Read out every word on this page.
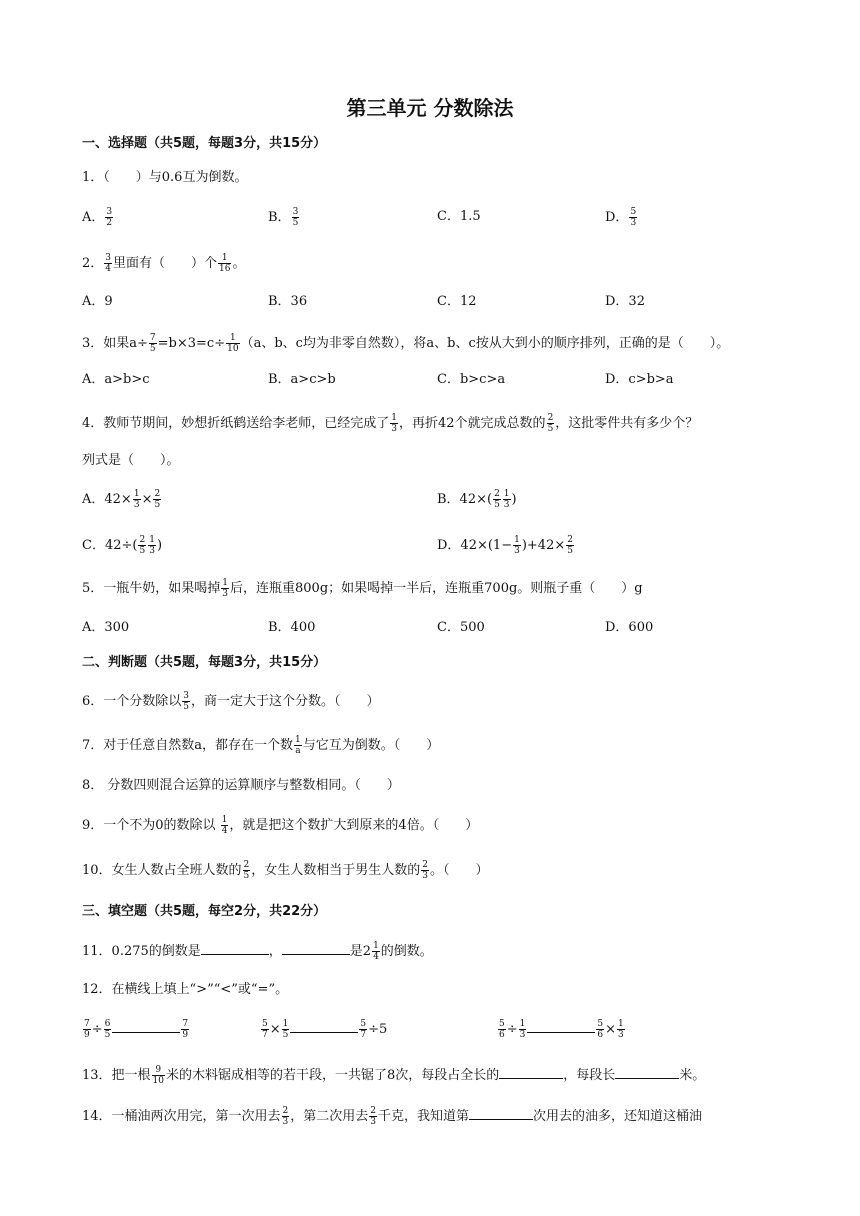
第三单元 分数除法
一、选择题（共5题，每题3分，共15分）
1．（　　）与0.6互为倒数。
A． $\frac{3}{2}$	B． $\frac{3}{5}$	C．1.5	D． $\frac{5}{3}$
2． $\frac{3}{4}$ 里面有（　　）个 $\frac{1}{16}$ 。
A．9	B．36	C．12	D．32
3．如果$a\div \frac{7}{5} =b\times 3=c\div \frac{1}{10} (a$、b、c均为非零自然数），将a、b、c按从大到小的顺序排列，正确的是（　　）。
A．a>b>c	B．a>c>b	C．b>c>a	D．c>b>a
4．教师节期间，妙想折纸鹤送给李老师，已经完成了 $\frac{1}{3}$ ，再折42个就完成总数的 $\frac{2}{5}$ ，这批零件共有多少个？
列式是（　　）。
A．$42\times \frac{1}{3} \times \frac{2}{5}$	B．$42\times( \frac{2}{5} \frac{1}{3}$ )
C．$42\div( \frac{2}{5} \frac{1}{3}$ )	D．$42\times(1- \frac{1}{3} )+42\times \frac{2}{5}$
5．一瓶牛奶，如果喝掉 $\frac{1}{3}$ 后，连瓶重800g；如果喝掉一半后，连瓶重700g。则瓶子重（　　）g
A．300	B．400	C．500	D．600
二、判断题（共5题，每题3分，共15分）
6．一个分数除以 $\frac{3}{5}$ ，商一定大于这个分数。（　　）
7．对于任意自然数a，都存在一个数 $\frac{1}{a}$ 与它互为倒数。（　　）
8． 分数四则混合运算的运算顺序与整数相同。（　　）
9．一个不为0的数除以 $\frac{1}{4}$ ，就是把这个数扩大到原来的4倍。（　　）
10．女生人数占全班人数的 $\frac{2}{5}$ ，女生人数相当于男生人数的 $\frac{2}{3}$ 。（　　）
三、填空题（共5题，每空2分，共22分）
11．0.275的倒数是	，	是$2 \frac{1}{4}$ 的倒数。
12．在横线上填上“>”“<”或“=”。
$\frac{7}{9} \div \frac{6}{5}$	$\frac{7}{9}$	$\frac{5}{7} \times \frac{1}{5}$	$\frac{5}{7} \div 5$	$\frac{5}{6} \div \frac{1}{3}$	$\frac{5}{6} \times \frac{1}{3}$
13．把一根 $\frac{9}{10}$ 米的木料锯成相等的若干段，一共锯了8次，每段占全长的	，每段长	米。
14．一桶油两次用完，第一次用去 $\frac{2}{3}$ ，第二次用去 $\frac{2}{3}$ 千克，我知道第	次用去的油多，还知道这桶油
